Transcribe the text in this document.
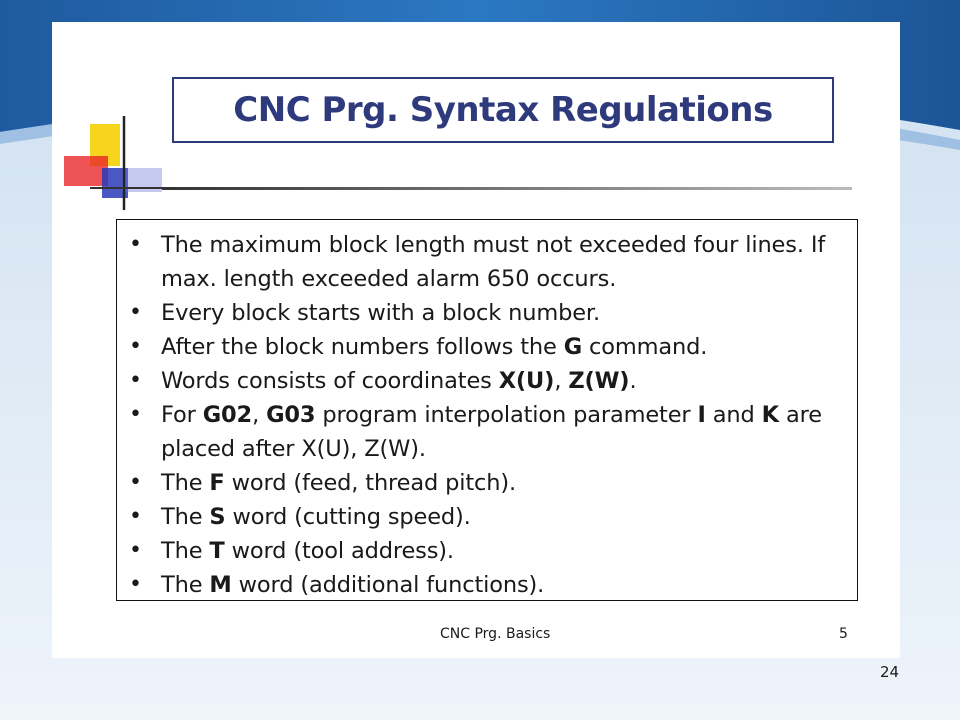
CNC Prg. Syntax Regulations
• The maximum block length must not exceeded four lines. If max. length exceeded alarm 650 occurs.
• Every block starts with a block number.
• After the block numbers follows the G command.
• Words consists of coordinates X(U), Z(W).
• For G02, G03 program interpolation parameter I and K are placed after X(U), Z(W).
• The F word (feed, thread pitch).
• The S word (cutting speed).
• The T word (tool address).
• The M word (additional functions).
CNC Prg. Basics	5
24
